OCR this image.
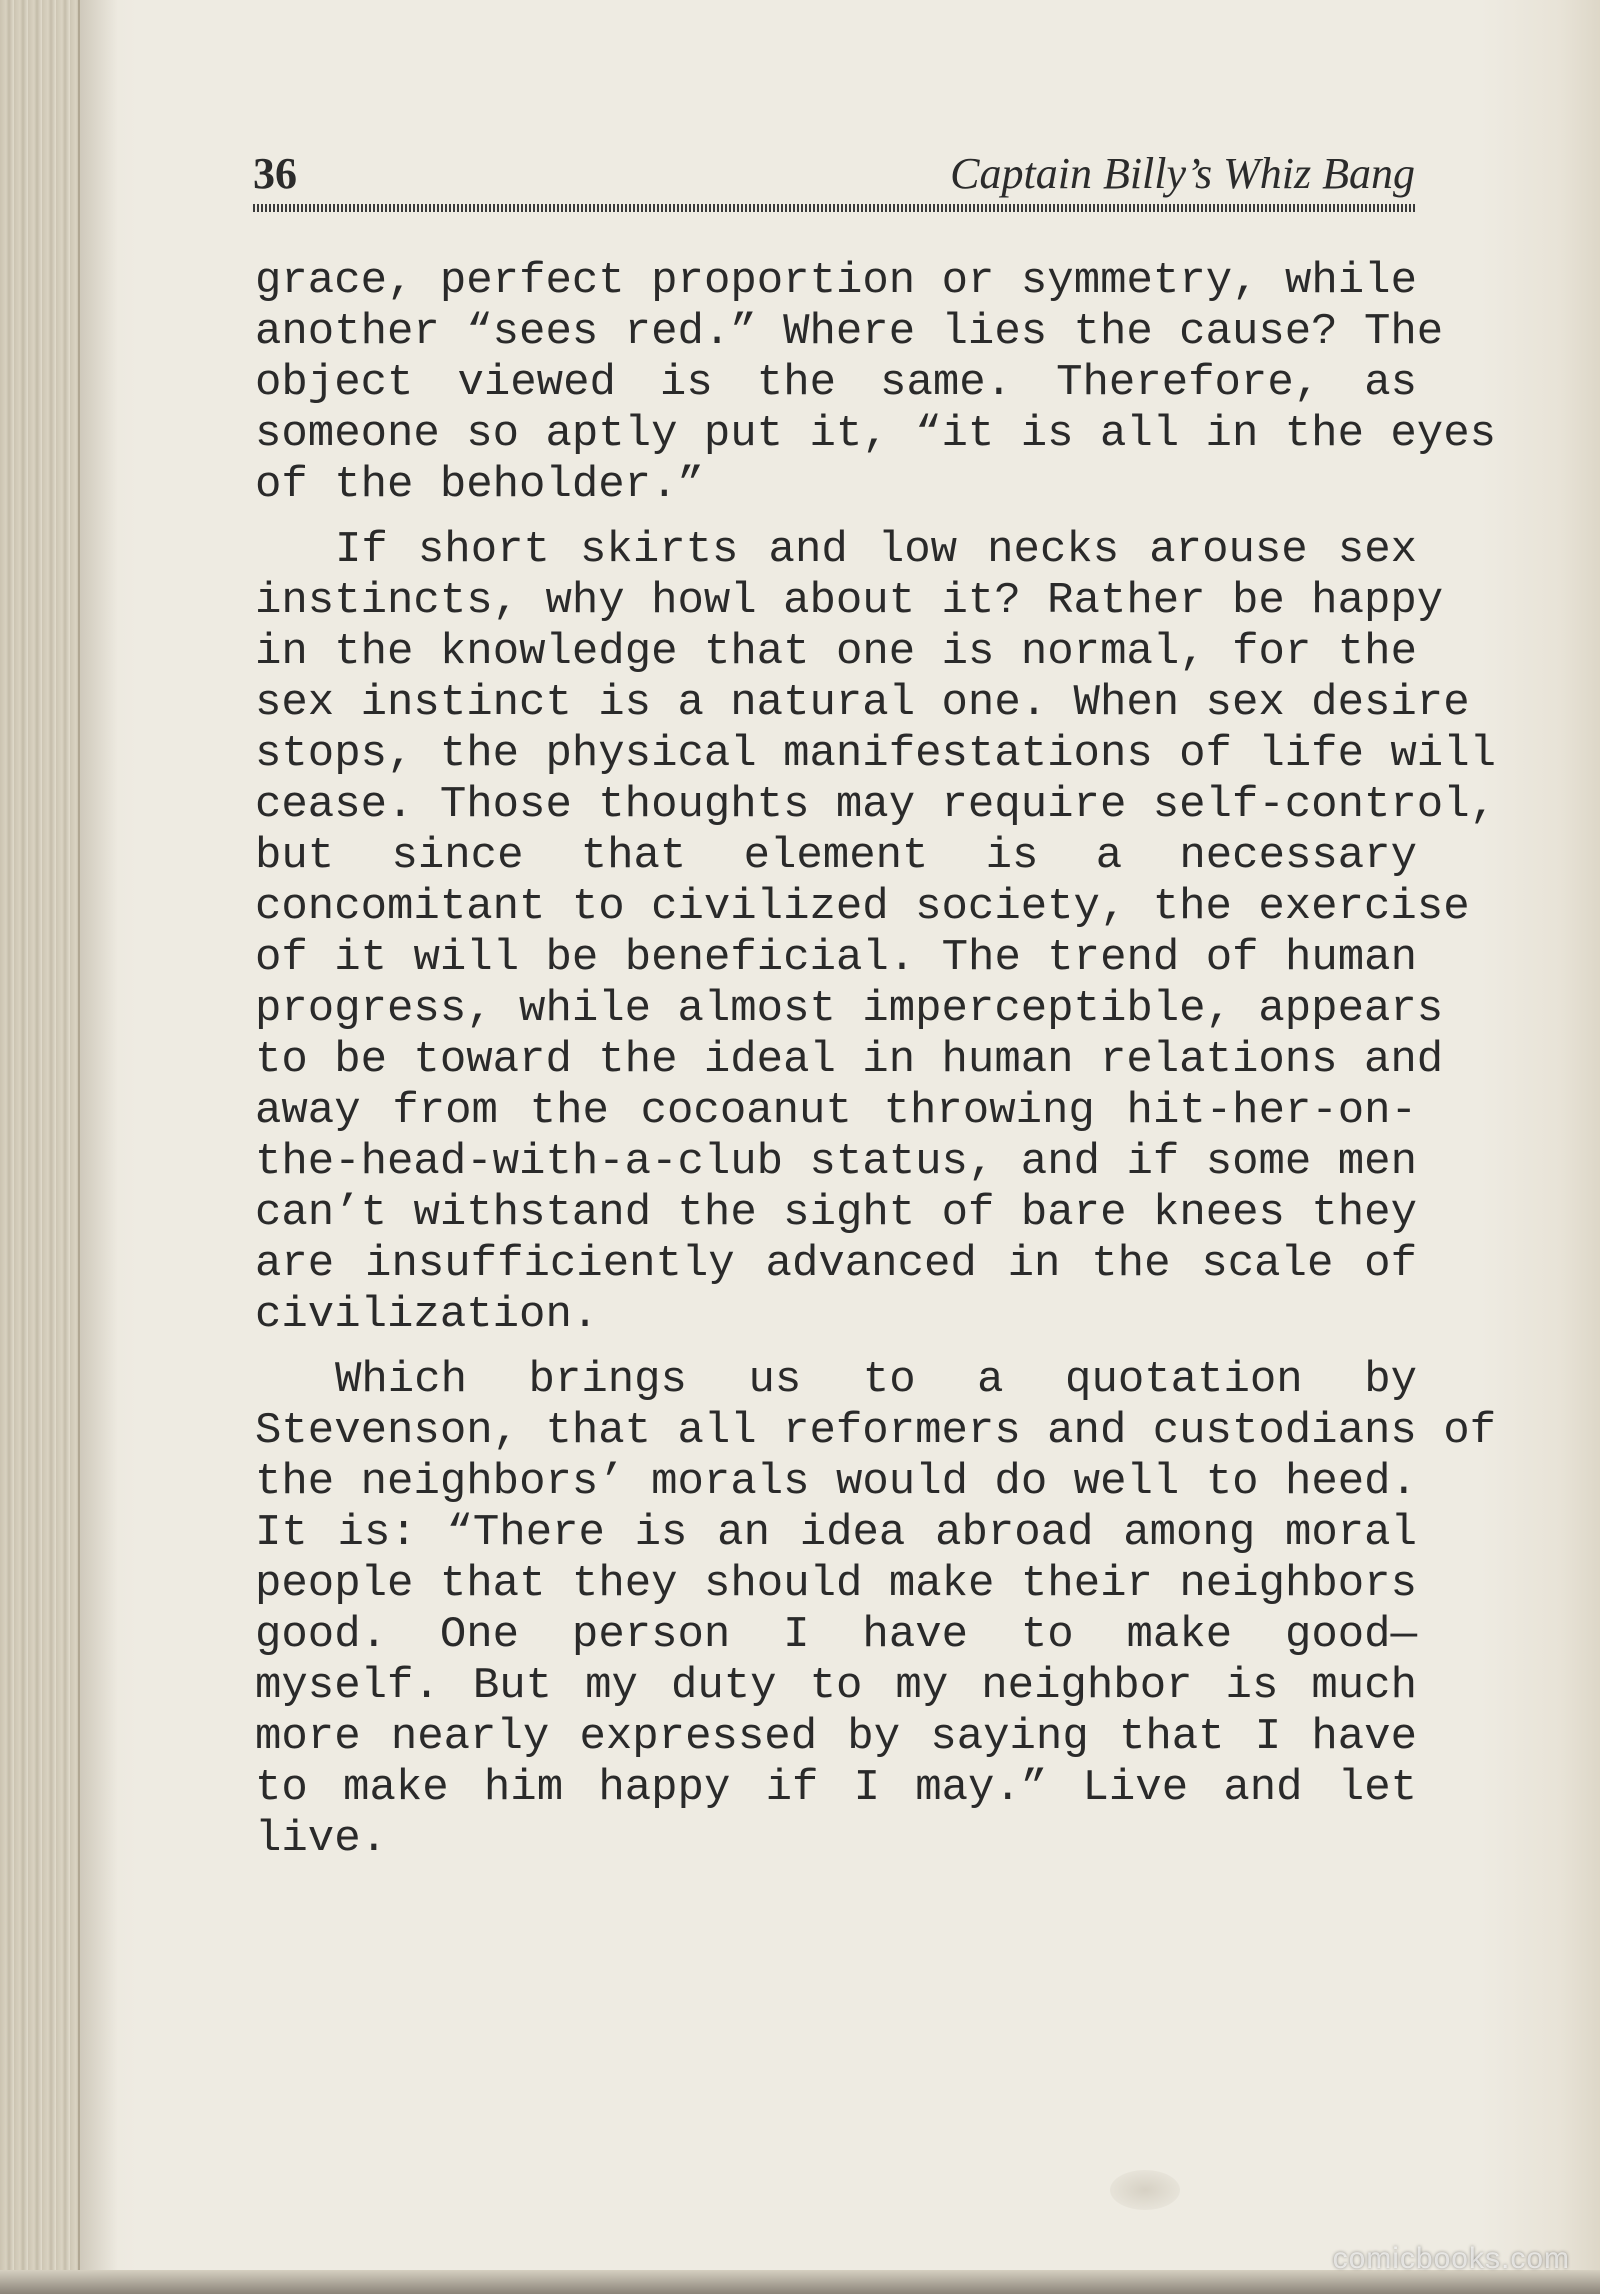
36	Captain Billy’s Whiz Bang
grace, perfect proportion or symmetry, while
another “sees red.” Where lies the cause? The
object viewed is the same. Therefore, as
someone so aptly put it, “it is all in the eyes
of the beholder.”
If short skirts and low necks arouse sex
instincts, why howl about it? Rather be happy
in the knowledge that one is normal, for the
sex instinct is a natural one. When sex desire
stops, the physical manifestations of life will
cease. Those thoughts may require self-control,
but since that element is a necessary
concomitant to civilized society, the exercise
of it will be beneficial. The trend of human
progress, while almost imperceptible, appears
to be toward the ideal in human relations and
away from the cocoanut throwing hit-her-on-
the-head-with-a-club status, and if some men
can’t withstand the sight of bare knees they
are insufficiently advanced in the scale of
civilization.
Which brings us to a quotation by
Stevenson, that all reformers and custodians of
the neighbors’ morals would do well to heed.
It is: “There is an idea abroad among moral
people that they should make their neighbors
good. One person I have to make good—
myself. But my duty to my neighbor is much
more nearly expressed by saying that I have
to make him happy if I may.” Live and let
live.
comicbooks.com
